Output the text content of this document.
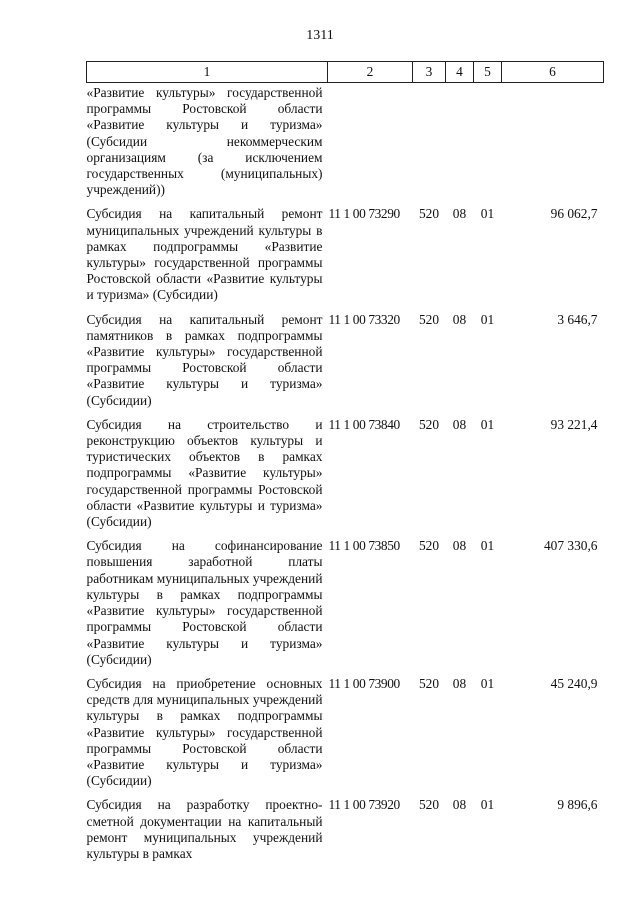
1311
1	2	3	4	5	6
«Развитие культуры» государственной программы Ростовской области «Развитие культуры и туризма» (Субсидии некоммерческим организациям (за исключением государственных (муниципальных) учреждений))					
Субсидия на капитальный ремонт муниципальных учреждений культуры в рамках подпрограммы «Развитие культуры» государственной программы Ростовской области «Развитие культуры и туризма» (Субсидии)	11 1 00 73290	520	08	01	96 062,7
Субсидия на капитальный ремонт памятников в рамках подпрограммы «Развитие культуры» государственной программы Ростовской области «Развитие культуры и туризма» (Субсидии)	11 1 00 73320	520	08	01	3 646,7
Субсидия на строительство и реконструкцию объектов культуры и туристических объектов в рамках подпрограммы «Развитие культуры» государственной программы Ростовской области «Развитие культуры и туризма» (Субсидии)	11 1 00 73840	520	08	01	93 221,4
Субсидия на софинансирование повышения заработной платы работникам муниципальных учреждений культуры в рамках подпрограммы «Развитие культуры» государственной программы Ростовской области «Развитие культуры и туризма» (Субсидии)	11 1 00 73850	520	08	01	407 330,6
Субсидия на приобретение основных средств для муниципальных учреждений культуры в рамках подпрограммы «Развитие культуры» государственной программы Ростовской области «Развитие культуры и туризма» (Субсидии)	11 1 00 73900	520	08	01	45 240,9
Субсидия на разработку проектно-сметной документации на капитальный ремонт муниципальных учреждений культуры в рамках	11 1 00 73920	520	08	01	9 896,6
